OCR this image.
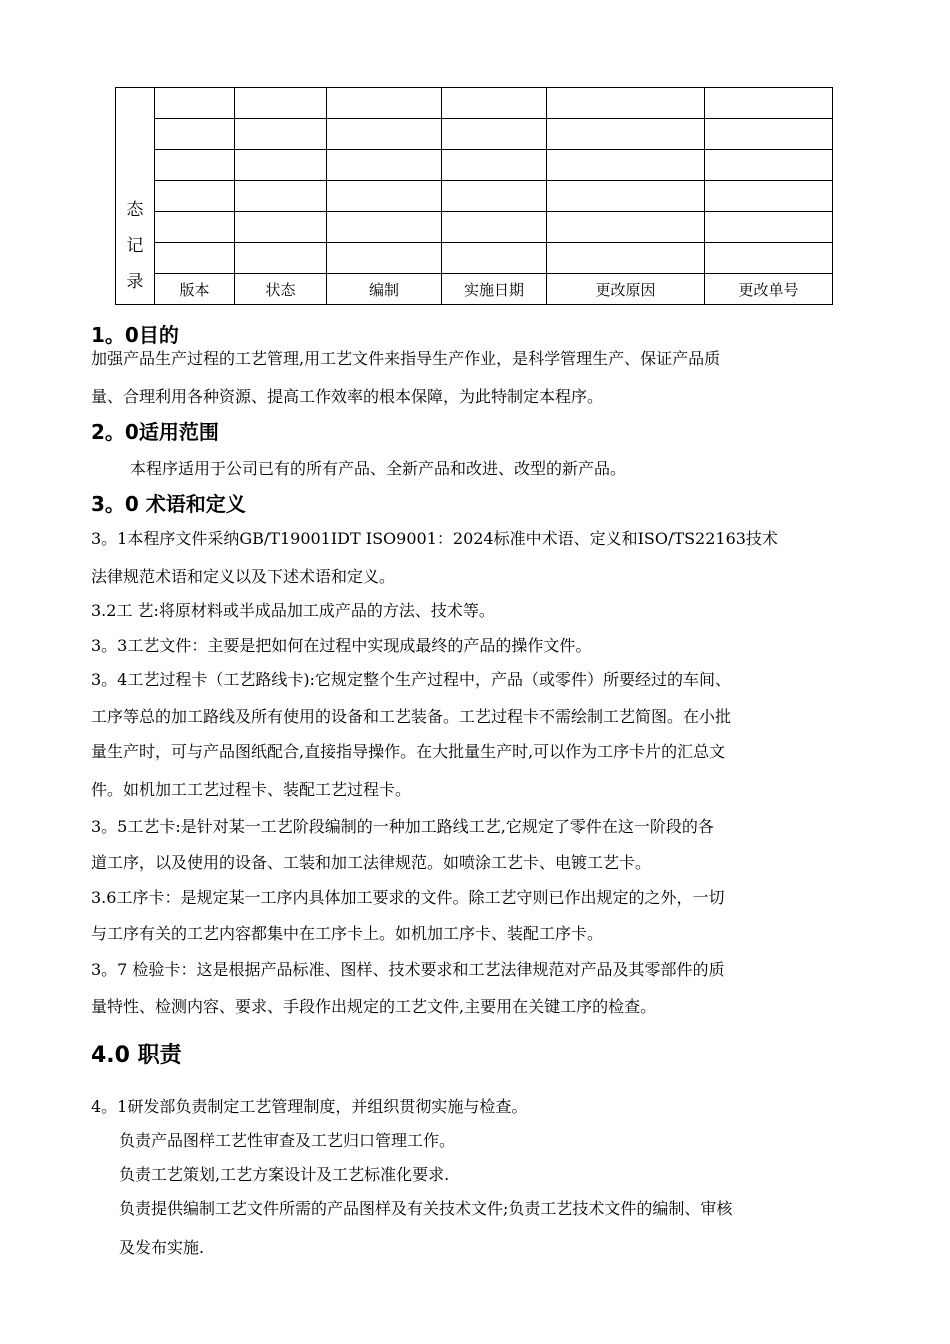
态
记
录						

	版本	状态	编制	实施日期	更改原因	更改单号
1。0目的
加强产品生产过程的工艺管理,用工艺文件来指导生产作业，是科学管理生产、保证产品质
量、合理利用各种资源、提高工作效率的根本保障，为此特制定本程序。
2。0适用范围
本程序适用于公司已有的所有产品、全新产品和改进、改型的新产品。
3。0 术语和定义
3。1本程序文件采纳GB/T19001IDT ISO9001：2024标准中术语、定义和ISO/TS22163技术
法律规范术语和定义以及下述术语和定义。
3.2工 艺:将原材料或半成品加工成产品的方法、技术等。
3。3工艺文件：主要是把如何在过程中实现成最终的产品的操作文件。
3。4工艺过程卡（工艺路线卡):它规定整个生产过程中，产品（或零件）所要经过的车间、
工序等总的加工路线及所有使用的设备和工艺装备。工艺过程卡不需绘制工艺简图。在小批
量生产时，可与产品图纸配合,直接指导操作。在大批量生产时,可以作为工序卡片的汇总文
件。如机加工工艺过程卡、装配工艺过程卡。
3。5工艺卡:是针对某一工艺阶段编制的一种加工路线工艺,它规定了零件在这一阶段的各
道工序，以及使用的设备、工装和加工法律规范。如喷涂工艺卡、电镀工艺卡。
3.6工序卡：是规定某一工序内具体加工要求的文件。除工艺守则已作出规定的之外，一切
与工序有关的工艺内容都集中在工序卡上。如机加工序卡、装配工序卡。
3。7 检验卡：这是根据产品标准、图样、技术要求和工艺法律规范对产品及其零部件的质
量特性、检测内容、要求、手段作出规定的工艺文件,主要用在关键工序的检查。
4.0 职责
4。1研发部负责制定工艺管理制度，并组织贯彻实施与检查。
负责产品图样工艺性审查及工艺归口管理工作。
负责工艺策划,工艺方案设计及工艺标准化要求.
负责提供编制工艺文件所需的产品图样及有关技术文件;负责工艺技术文件的编制、审核
及发布实施.
